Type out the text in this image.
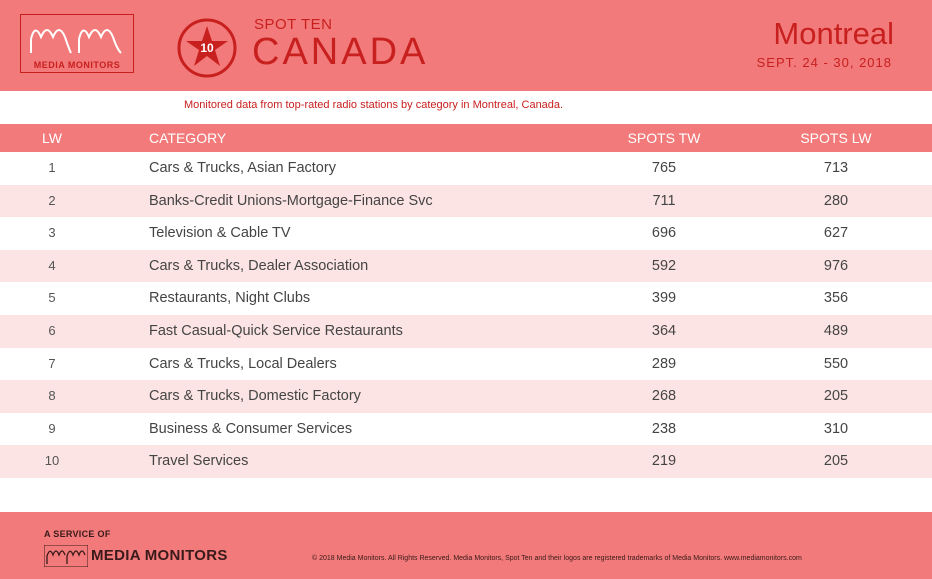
MEDIA MONITORS
10
SPOT TEN
CANADA	Montreal
SEPT. 24 - 30, 2018
Monitored data from top-rated radio stations by category in Montreal, Canada.
LW	CATEGORY	SPOTS TW	SPOTS LW
1	Cars & Trucks, Asian Factory	765	713
2	Banks-Credit Unions-Mortgage-Finance Svc	711	280
3	Television & Cable TV	696	627
4	Cars & Trucks, Dealer Association	592	976
5	Restaurants, Night Clubs	399	356
6	Fast Casual-Quick Service Restaurants	364	489
7	Cars & Trucks, Local Dealers	289	550
8	Cars & Trucks, Domestic Factory	268	205
9	Business & Consumer Services	238	310
10	Travel Services	219	205
A SERVICE OF
MEDIA MONITORS	© 2018 Media Monitors. All Rights Reserved. Media Monitors, Spot Ten and their logos are registered trademarks of Media Monitors. www.mediamonitors.com
